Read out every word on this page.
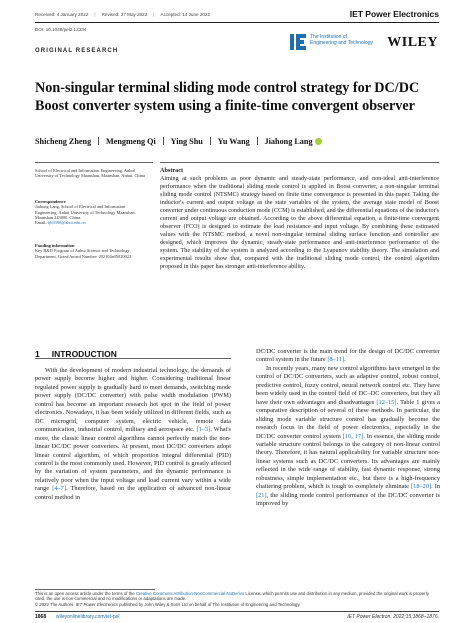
Received: 4 January 2022 | Revised: 27 May 2022 | Accepted: 14 June 2022	IET Power Electronics
DOI: 10.1049/pel2.12334
ORIGINAL RESEARCH
The Institution of
Engineering and Technology WILEY
Non-singular terminal sliding mode control strategy for DC/DC Boost converter system using a finite-time convergent observer
Shicheng Zheng Mengmeng Qi Ying Shu Yu Wang Jiahong Lang
School of Electrical and Information Engineering, Anhui University of Technology Maanshan, Maanshan, Anhui, China
Correspondence
Jiahong Lang, School of Electrical and Information Engineering, Anhui University of Technology Maanshan, Maanshan 243000, China.
Email: ljh9390@ahut.edu.cn
Funding information
Key R&D Program of Anhui Science and Technology Department, Grant/Award Number: 202104a05020022
Abstract
Aiming at such problems as poor dynamic and steady-state performance, and non-ideal anti-interference performance when the traditional sliding mode control is applied in Boost converter, a non-singular terminal sliding mode control (NTSMC) strategy based on finite time convergence is presented in this paper. Taking the inductor's current and output voltage as the state variables of the system, the average state model of Boost converter under continuous conduction mode (CCM) is established, and the differential equations of the inductor's current and output voltage are obtained. According to the above differential equation, a finite-time convergent observer (FCO) is designed to estimate the load resistance and input voltage. By combining these estimated values with the NTSMC method, a novel non-singular terminal sliding surface function and controller are designed, which improves the dynamic, steady-state performance and anti-interference performance of the system. The stability of the system is analyzed according to the Lyapunov stability theory. The simulation and experimental results show that, compared with the traditional sliding mode control, the control algorithm proposed in this paper has stronger anti-interference ability.
1 INTRODUCTION

With the development of modern industrial technology, the demands of power supply become higher and higher. Considering traditional linear regulated power supply is gradually hard to meet demands, switching mode power supply (DC/DC converter) with pulse width modulation (PWM) control has become an important research hot spot in the field of power electronics. Nowadays, it has been widely utilized in different fields, such as DC microgrid, computer system, electric vehicle, remote data communication, industrial control, military and aerospace etc. [1–3]. What's more, the classic linear control algorithms cannot perfectly match the non-linear DC/DC power converters. At present, most DC/DC converters adopt linear control algorithm, of which proportion integral differential (PID) control is the most commonly used. However, PID control is greatly affected by the variation of system parameters, and the dynamic performance is relatively poor when the input voltage and load current vary within a wide range [4–7]. Therefore, based on the application of advanced non-linear control method in

DC/DC converter is the main trend for the design of DC/DC converter control system in the future [8–11].

In recently years, many new control algorithms have emerged in the control of DC/DC converters, such as adaptive control, robust control, predictive control, fuzzy control, neural network control etc. They have been widely used in the control field of DC–DC converters, but they all have their own advantages and disadvantages [12–15]. Table 1 gives a comparative description of several of these methods. In particular, the sliding mode variable structure control has gradually become the research focus in the field of power electronics, especially in the DC/DC converter control system [16, 17]. In essence, the sliding mode variable structure control belongs to the category of non-linear control theory. Therefore, it has natural applicability for variable structure non-linear systems such as DC/DC converters. Its advantages are mainly reflected in the wide range of stability, fast dynamic response, strong robustness, simple implementation etc., but there is a high-frequency chattering problem, which is tough to completely eliminate [18–20]. In [21], the sliding mode control performance of the DC/DC converter is improved by

This is an open access article under the terms of the Creative Commons Attribution-NonCommercial-NoDerivs License, which permits use and distribution in any medium, provided the original work is properly cited, the use is non-commercial and no modifications or adaptations are made.
© 2022 The Authors. IET Power Electronics published by John Wiley & Sons Ltd on behalf of The Institution of Engineering and Technology.
1868 wileyonlinelibrary.com/iet-pel	IET Power Electron. 2022;15:1868–1876.
